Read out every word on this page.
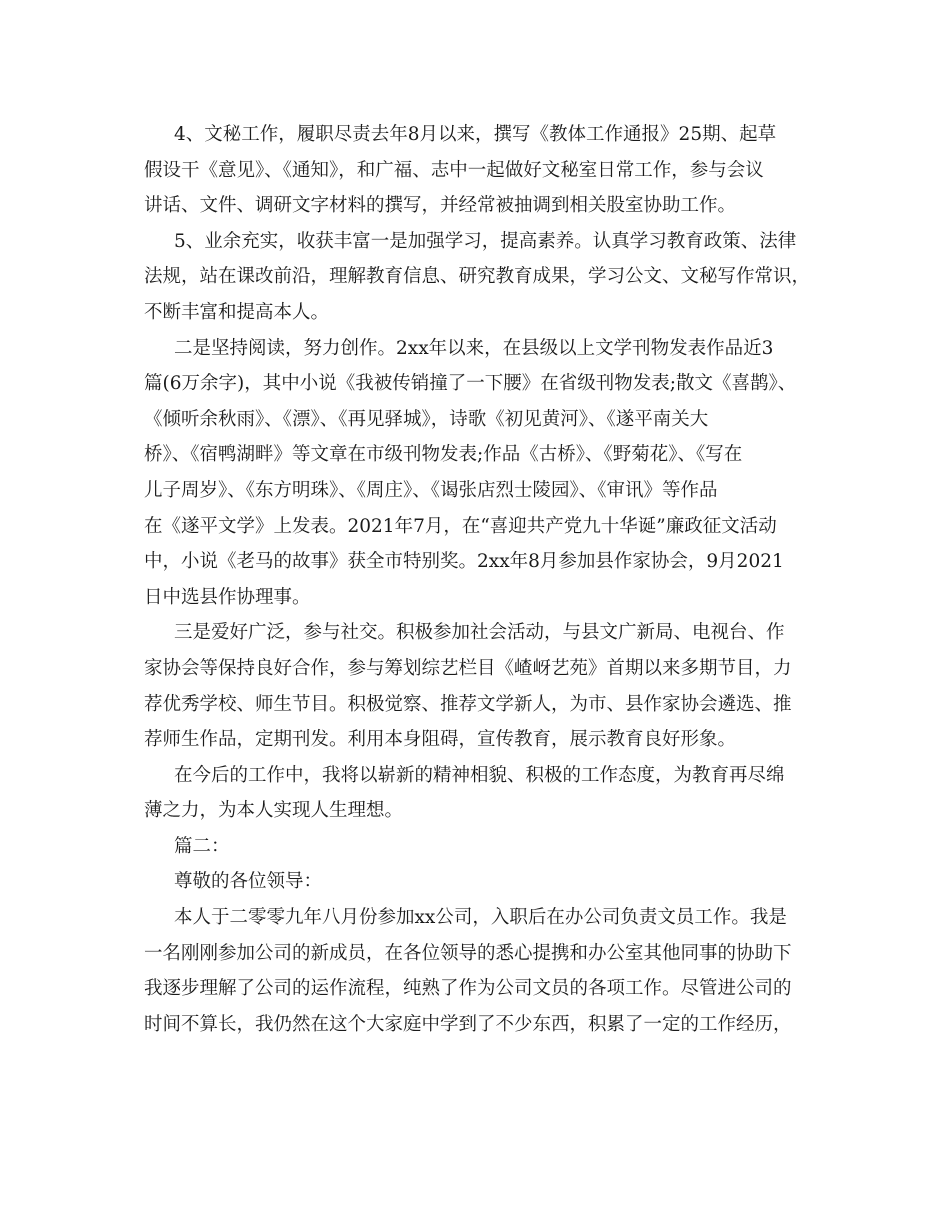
4、文秘工作，履职尽责去年8月以来，撰写《教体工作通报》25期、起草
假设干《意见》、《通知》，和广福、志中一起做好文秘室日常工作，参与会议
讲话、文件、调研文字材料的撰写，并经常被抽调到相关股室协助工作。
5、业余充实，收获丰富一是加强学习，提高素养。认真学习教育政策、法律
法规，站在课改前沿，理解教育信息、研究教育成果，学习公文、文秘写作常识，
不断丰富和提高本人。
二是坚持阅读，努力创作。2xx年以来，在县级以上文学刊物发表作品近3
篇(6万余字)，其中小说《我被传销撞了一下腰》在省级刊物发表;散文《喜鹊》、
《倾听余秋雨》、《漂》、《再见驿城》，诗歌《初见黄河》、《遂平南关大
桥》、《宿鸭湖畔》等文章在市级刊物发表;作品《古桥》、《野菊花》、《写在
儿子周岁》、《东方明珠》、《周庄》、《谒张店烈士陵园》、《审讯》等作品
在《遂平文学》上发表。2021年7月，在“喜迎共产党九十华诞”廉政征文活动
中，小说《老马的故事》获全市特别奖。2xx年8月参加县作家协会，9月2021
日中选县作协理事。
三是爱好广泛，参与社交。积极参加社会活动，与县文广新局、电视台、作
家协会等保持良好合作，参与筹划综艺栏目《嵖岈艺苑》首期以来多期节目，力
荐优秀学校、师生节目。积极觉察、推荐文学新人，为市、县作家协会遴选、推
荐师生作品，定期刊发。利用本身阻碍，宣传教育，展示教育良好形象。
在今后的工作中，我将以崭新的精神相貌、积极的工作态度，为教育再尽绵
薄之力，为本人实现人生理想。
篇二：
尊敬的各位领导：
本人于二零零九年八月份参加xx公司，入职后在办公司负责文员工作。我是
一名刚刚参加公司的新成员，在各位领导的悉心提携和办公室其他同事的协助下
我逐步理解了公司的运作流程，纯熟了作为公司文员的各项工作。尽管进公司的
时间不算长，我仍然在这个大家庭中学到了不少东西，积累了一定的工作经历，
